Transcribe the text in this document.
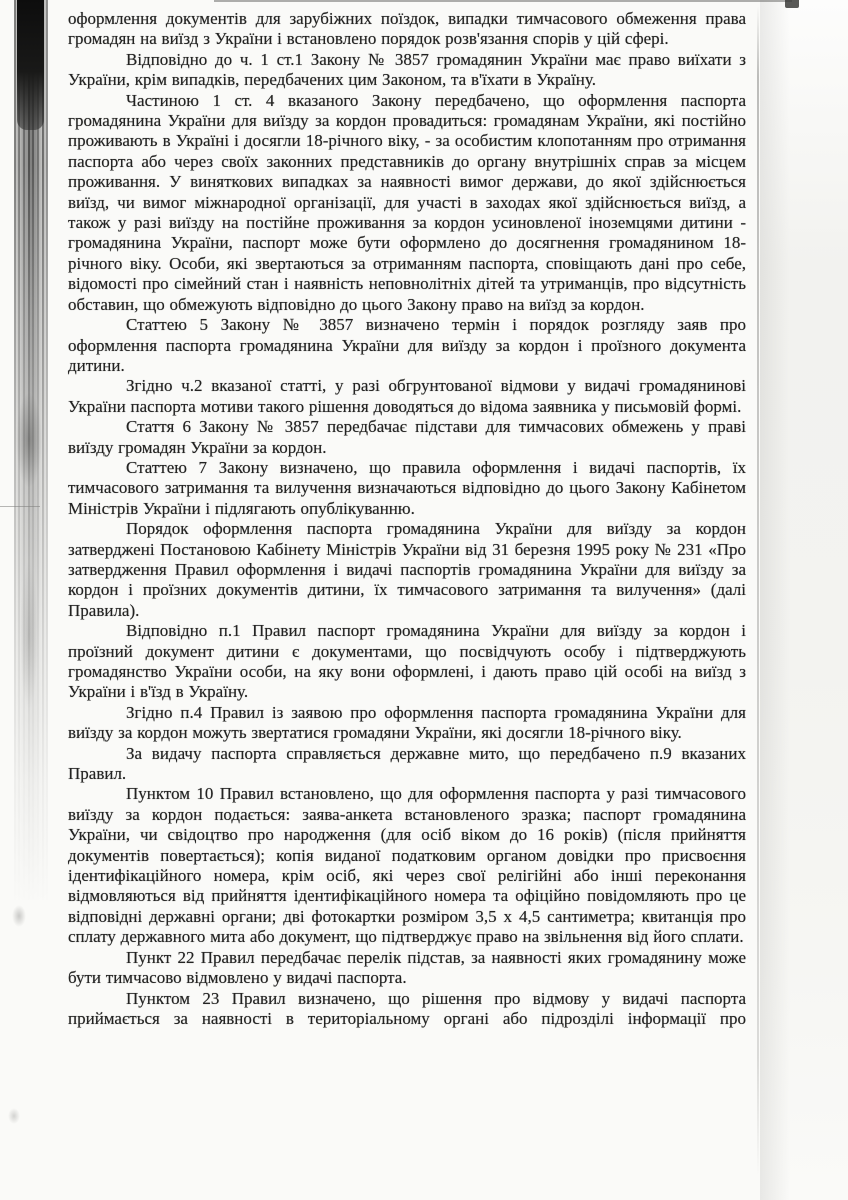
оформлення документів для зарубіжних поїздок, випадки тимчасового обмеження права громадян на виїзд з України і встановлено порядок розв'язання спорів у цій сфері.

Відповідно до ч. 1 ст.1 Закону № 3857 громадянин України має право виїхати з України, крім випадків, передбачених цим Законом, та в'їхати в Україну.

Частиною 1 ст. 4 вказаного Закону передбачено, що оформлення паспорта громадянина України для виїзду за кордон провадиться: громадянам України, які постійно проживають в Україні і досягли 18-річного віку, - за особистим клопотанням про отримання паспорта або через своїх законних представників до органу внутрішніх справ за місцем проживання. У виняткових випадках за наявності вимог держави, до якої здійснюється виїзд, чи вимог міжнародної організації, для участі в заходах якої здійснюється виїзд, а також у разі виїзду на постійне проживання за кордон усиновленої іноземцями дитини - громадянина України, паспорт може бути оформлено до досягнення громадянином 18-річного віку. Особи, які звертаються за отриманням паспорта, сповіщають дані про себе, відомості про сімейний стан і наявність неповнолітніх дітей та утриманців, про відсутність обставин, що обмежують відповідно до цього Закону право на виїзд за кордон.

Статтею 5 Закону № 3857 визначено термін і порядок розгляду заяв про оформлення паспорта громадянина України для виїзду за кордон і проїзного документа дитини.

Згідно ч.2 вказаної статті, у разі обгрунтованої відмови у видачі громадянинові України паспорта мотиви такого рішення доводяться до відома заявника у письмовій формі.

Стаття 6 Закону № 3857 передбачає підстави для тимчасових обмежень у праві виїзду громадян України за кордон.

Статтею 7 Закону визначено, що правила оформлення і видачі паспортів, їх тимчасового затримання та вилучення визначаються відповідно до цього Закону Кабінетом Міністрів України і підлягають опублікуванню.

Порядок оформлення паспорта громадянина України для виїзду за кордон затверджені Постановою Кабінету Міністрів України від 31 березня 1995 року № 231 «Про затвердження Правил оформлення і видачі паспортів громадянина України для виїзду за кордон і проїзних документів дитини, їх тимчасового затримання та вилучення» (далі Правила).

Відповідно п.1 Правил паспорт громадянина України для виїзду за кордон і проїзний документ дитини є документами, що посвідчують особу і підтверджують громадянство України особи, на яку вони оформлені, і дають право цій особі на виїзд з України і в'їзд в Україну.

Згідно п.4 Правил із заявою про оформлення паспорта громадянина України для виїзду за кордон можуть звертатися громадяни України, які досягли 18-річного віку.

За видачу паспорта справляється державне мито, що передбачено п.9 вказаних Правил.

Пунктом 10 Правил встановлено, що для оформлення паспорта у разі тимчасового виїзду за кордон подається: заява-анкета встановленого зразка; паспорт громадянина України, чи свідоцтво про народження (для осіб віком до 16 років) (після прийняття документів повертається); копія виданої податковим органом довідки про присвоєння ідентифікаційного номера, крім осіб, які через свої релігійні або інші переконання відмовляються від прийняття ідентифікаційного номера та офіційно повідомляють про це відповідні державні органи; дві фотокартки розміром 3,5 х 4,5 сантиметра; квитанція про сплату державного мита або документ, що підтверджує право на звільнення від його сплати.

Пункт 22 Правил передбачає перелік підстав, за наявності яких громадянину може бути тимчасово відмовлено у видачі паспорта.

Пунктом 23 Правил визначено, що рішення про відмову у видачі паспорта приймається за наявності в територіальному органі або підрозділі інформації про
